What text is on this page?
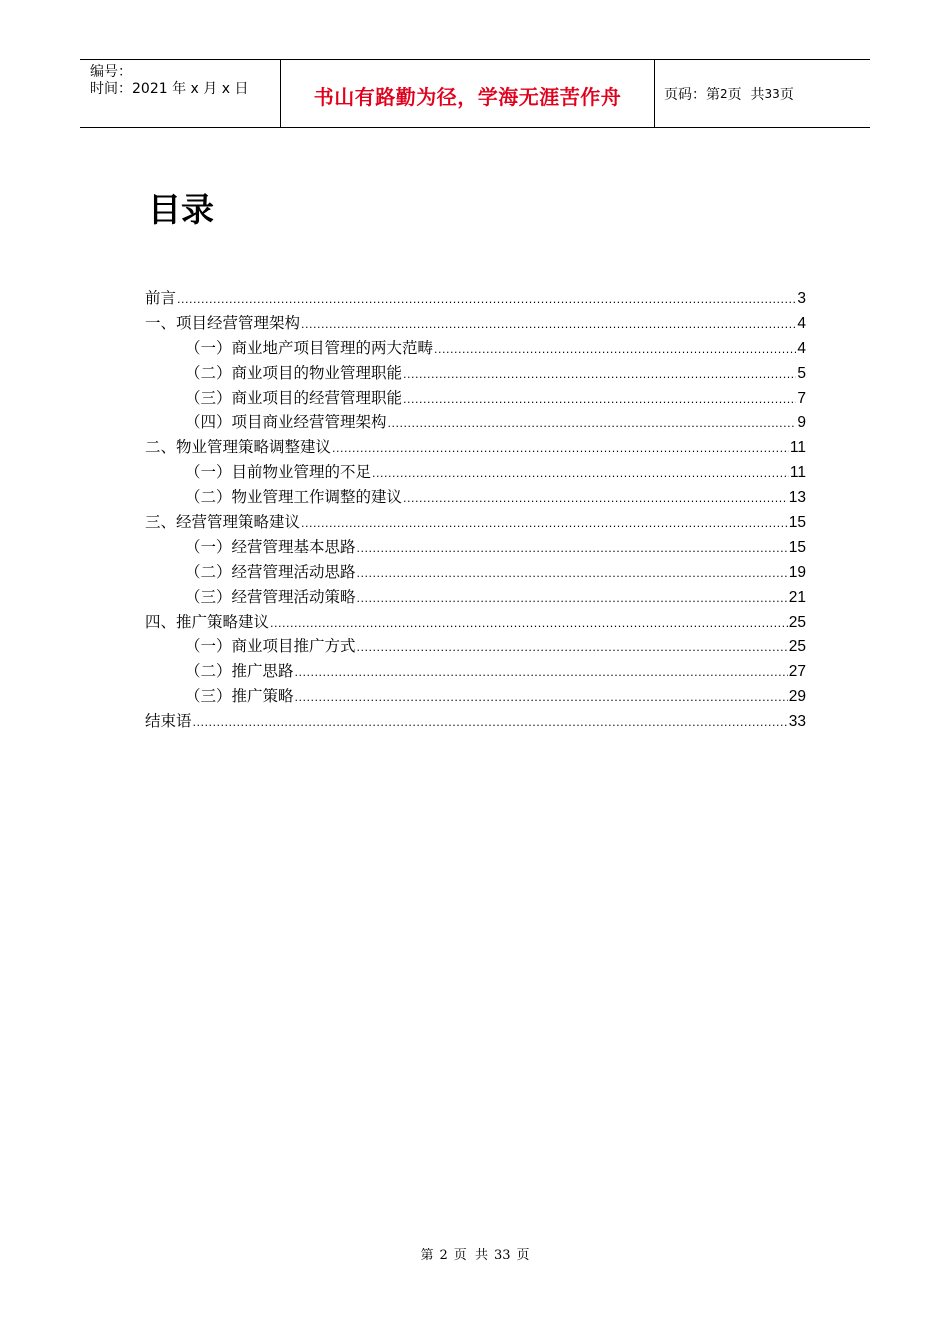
编号：
时间：2021 年 x 月 x 日	书山有路勤为径，学海无涯苦作舟	页码：第 2 页  共 33 页
目录
前言 .....	3
一、项目经营管理架构 .....	4
（一）商业地产项目管理的两大范畴 .....	4
（二）商业项目的物业管理职能 .....	5
（三）商业项目的经营管理职能 .....	7
（四）项目商业经营管理架构 .....	9
二、物业管理策略调整建议 .....	11
（一）目前物业管理的不足 .....	11
（二）物业管理工作调整的建议 .....	13
三、经营管理策略建议 .....	15
（一）经营管理基本思路 .....	15
（二）经营管理活动思路 .....	19
（三）经营管理活动策略 .....	21
四、推广策略建议 .....	25
（一）商业项目推广方式 .....	25
（二）推广思路 .....	27
（三）推广策略 .....	29
结束语 .....	33
第 2 页  共 33 页
